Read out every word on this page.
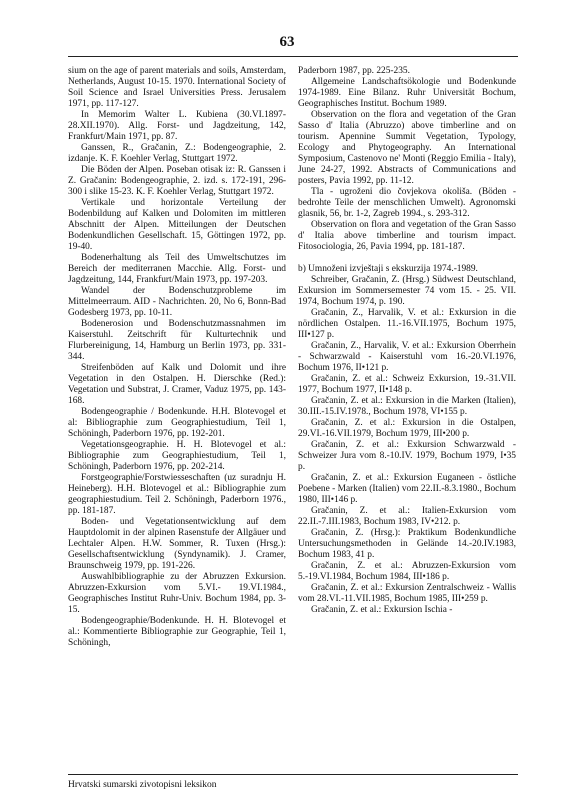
63

sium on the age of parent materials and soils, Amsterdam, Netherlands, August 10-15. 1970. International Society of Soil Science and Israel Universities Press. Jerusalem 1971, pp. 117-127.

In Memorim Walter L. Kubiena (30.VI.1897-28.XII.1970). Allg. Forst- und Jagdzeitung, 142, Frankfurt/Main 1971, pp. 87.

Ganssen, R., Gračanin, Z.: Bodengeographie, 2. izdanje. K. F. Koehler Verlag, Stuttgart 1972.

Die Böden der Alpen. Poseban otisak iz: R. Ganssen i Z. Gračanin: Bodengeographie, 2. izd. s. 172-191, 296-300 i slike 15-23. K. F. Koehler Verlag, Stuttgart 1972.

Vertikale und horizontale Verteilung der Bodenbildung auf Kalken und Dolomiten im mittleren Abschnitt der Alpen. Mitteilungen der Deutschen Bodenkundlichen Gesellschaft. 15, Göttingen 1972, pp. 19-40.

Bodenerhaltung als Teil des Umweltschutzes im Bereich der mediterranen Macchie. Allg. Forst- und Jagdzeitung, 144, Frankfurt/Main 1973, pp. 197-203.

Wandel der Bodenschutzprobleme im Mittelmeerraum. AID - Nachrichten. 20, No 6, Bonn-Bad Godesberg 1973, pp. 10-11.

Bodenerosion und Bodenschutzmassnahmen im Kaiserstuhl. Zeitschrift für Kulturtechnik und Flurbereinigung, 14, Hamburg un Berlin 1973, pp. 331-344.

Streifenböden auf Kalk und Dolomit und ihre Vegetation in den Ostalpen. H. Dierschke (Red.): Vegetation und Substrat, J. Cramer, Vaduz 1975, pp. 143-168.

Bodengeographie / Bodenkunde. H.H. Blotevogel et al: Bibliographie zum Geographiestudium, Teil 1, Schöningh, Paderborn 1976, pp. 192-201.

Vegetationsgeographie. H. H. Blotevogel et al.: Bibliographie zum Geographiestudium, Teil 1, Schöningh, Paderborn 1976, pp. 202-214.

Forstgeographie/Forstwiesseschaften (uz suradnju H. Heineberg). H.H. Blotevogel et al.: Bibliographie zum geographiestudium. Teil 2. Schöningh, Paderborn 1976., pp. 181-187.

Boden- und Vegetationsentwicklung auf dem Hauptdolomit in der alpinen Rasenstufe der Allgäuer und Lechtaler Alpen. H.W. Sommer, R. Tuxen (Hrsg.): Gesellschaftsentwicklung (Syndynamik). J. Cramer, Braunschweig 1979, pp. 191-226.

Auswahlbibliographie zu der Abruzzen Exkursion. Abruzzen-Exkursion vom 5.VI.- 19.VI.1984., Geographisches Institut Ruhr-Univ. Bochum 1984, pp. 3-15.

Bodengeographie/Bodenkunde. H. H. Blotevogel et al.: Kommentierte Bibliographie zur Geographie, Teil 1, Schöningh,

Paderborn 1987, pp. 225-235.

Allgemeine Landschaftsökologie und Bodenkunde 1974-1989. Eine Bilanz. Ruhr Universität Bochum, Geographisches Institut. Bochum 1989.

Observation on the flora and vegetation of the Gran Sasso d' Italia (Abruzzo) above timberline and on tourism. Apennine Summit Vegetation, Typology, Ecology and Phytogeography. An International Symposium, Castenovo ne' Monti (Reggio Emilia - Italy), June 24-27, 1992. Abstracts of Communications and posters, Pavia 1992, pp. 11-12.

Tla - ugroženi dio čovjekova okoliša. (Böden - bedrohte Teile der menschlichen Umwelt). Agronomski glasnik, 56, br. 1-2, Zagreb 1994., s. 293-312.

Observation on flora and vegetation of the Gran Sasso d' Italia above timberline and tourism impact. Fitosociologia, 26, Pavia 1994, pp. 181-187.

b) Umnoženi izvještaji s ekskurzija 1974.-1989.

Schreiber, Gračanin, Z. (Hrsg.) Südwest Deutschland, Exkursion im Sommersemester 74 vom 15. - 25. VII. 1974, Bochum 1974, p. 190.

Gračanin, Z., Harvalik, V. et al.: Exkursion in die nördlichen Ostalpen. 11.-16.VII.1975, Bochum 1975, III•127 p.

Gračanin, Z., Harvalik, V. et al.: Exkursion Oberrhein - Schwarzwald - Kaiserstuhl vom 16.-20.VI.1976, Bochum 1976, II•121 p.

Gračanin, Z. et al.: Schweiz Exkursion, 19.-31.VII. 1977, Bochum 1977, II•148 p.

Gračanin, Z. et al.: Exkursion in die Marken (Italien), 30.III.-15.IV.1978., Bochum 1978, VI•155 p.

Gračanin, Z. et al.: Exkursion in die Ostalpen, 29.VI.-16.VII.1979, Bochum 1979, III•200 p.

Gračanin, Z. et al.: Exkursion Schwarzwald - Schweizer Jura vom 8.-10.IV. 1979, Bochum 1979, I•35 p.

Gračanin, Z. et al.: Exkursion Euganeen - östliche Poebene - Marken (Italien) vom 22.II.-8.3.1980., Bochum 1980, III•146 p.

Gračanin, Z. et al.: Italien-Exkursion vom 22.II.-7.III.1983, Bochum 1983, IV•212. p.

Gračanin, Z. (Hrsg.): Praktikum Bodenkundliche Untersuchungsmethoden in Geländе 14.-20.IV.1983, Bochum 1983, 41 p.

Gračanin, Z. et al.: Abruzzen-Exkursion vom 5.-19.VI.1984, Bochum 1984, III•186 p.

Gračanin, Z. et al.: Exkursion Zentralschweiz - Wallis vom 28.VI.-11.VII.1985, Bochum 1985, III•259 p.

Gračanin, Z. et al.: Exkursion Ischia -

Hrvatski sumarski zivotopisni leksikon
